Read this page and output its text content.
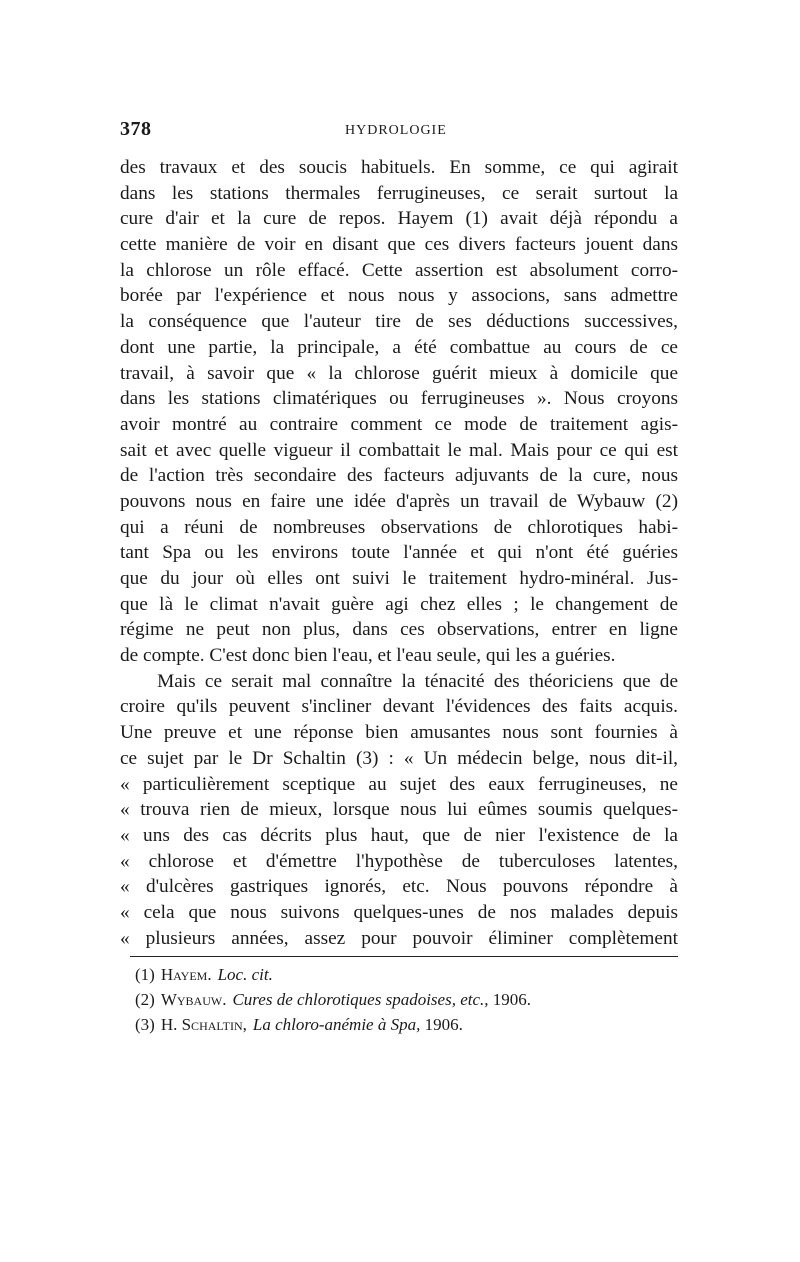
378	HYDROLOGIE
des travaux et des soucis habituels. En somme, ce qui agirait
dans les stations thermales ferrugineuses, ce serait surtout la
cure d'air et la cure de repos. Hayem (1) avait déjà répondu a
cette manière de voir en disant que ces divers facteurs jouent dans
la chlorose un rôle effacé. Cette assertion est absolument corro-
borée par l'expérience et nous nous y associons, sans admettre
la conséquence que l'auteur tire de ses déductions successives,
dont une partie, la principale, a été combattue au cours de ce
travail, à savoir que « la chlorose guérit mieux à domicile que
dans les stations climatériques ou ferrugineuses ». Nous croyons
avoir montré au contraire comment ce mode de traitement agis-
sait et avec quelle vigueur il combattait le mal. Mais pour ce qui est
de l'action très secondaire des facteurs adjuvants de la cure, nous
pouvons nous en faire une idée d'après un travail de Wybauw (2)
qui a réuni de nombreuses observations de chlorotiques habi-
tant Spa ou les environs toute l'année et qui n'ont été guéries
que du jour où elles ont suivi le traitement hydro-minéral. Jus-
que là le climat n'avait guère agi chez elles ; le changement de
régime ne peut non plus, dans ces observations, entrer en ligne
de compte. C'est donc bien l'eau, et l'eau seule, qui les a guéries.
Mais ce serait mal connaître la ténacité des théoriciens que de
croire qu'ils peuvent s'incliner devant l'évidences des faits acquis.
Une preuve et une réponse bien amusantes nous sont fournies à
ce sujet par le Dr Schaltin (3) : « Un médecin belge, nous dit-il,
« particulièrement sceptique au sujet des eaux ferrugineuses, ne
« trouva rien de mieux, lorsque nous lui eûmes soumis quelques-
« uns des cas décrits plus haut, que de nier l'existence de la
« chlorose et d'émettre l'hypothèse de tuberculoses latentes,
« d'ulcères gastriques ignorés, etc. Nous pouvons répondre à
« cela que nous suivons quelques-unes de nos malades depuis
« plusieurs années, assez pour pouvoir éliminer complètement
(1) Hayem. Loc. cit.
(2) Wybauw. Cures de chlorotiques spadoises, etc., 1906.
(3) H. Schaltin, La chloro-anémie à Spa, 1906.
